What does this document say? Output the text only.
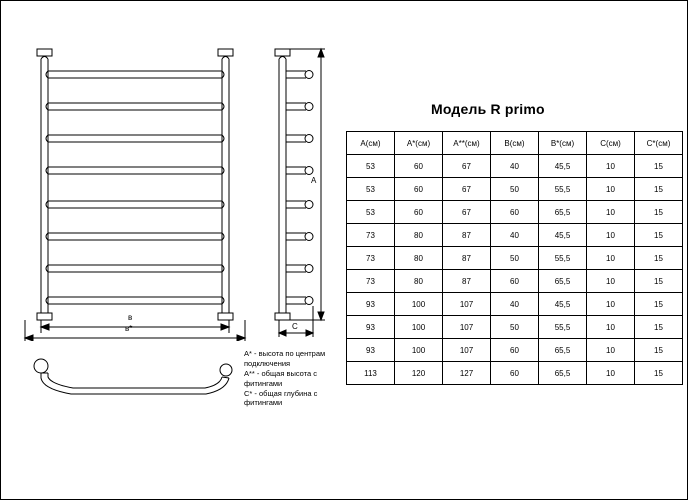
в
в*
А
С
А* - высота по центрам подключения
А** - общая высота с фитингами
С* - общая глубина с фитингами
Модель R primo
А(см)	А*(см)	А**(см)	В(см)	В*(см)	С(см)	С*(см)
53	60	67	40	45,5	10	15
53	60	67	50	55,5	10	15
53	60	67	60	65,5	10	15
73	80	87	40	45,5	10	15
73	80	87	50	55,5	10	15
73	80	87	60	65,5	10	15
93	100	107	40	45,5	10	15
93	100	107	50	55,5	10	15
93	100	107	60	65,5	10	15
113	120	127	60	65,5	10	15
